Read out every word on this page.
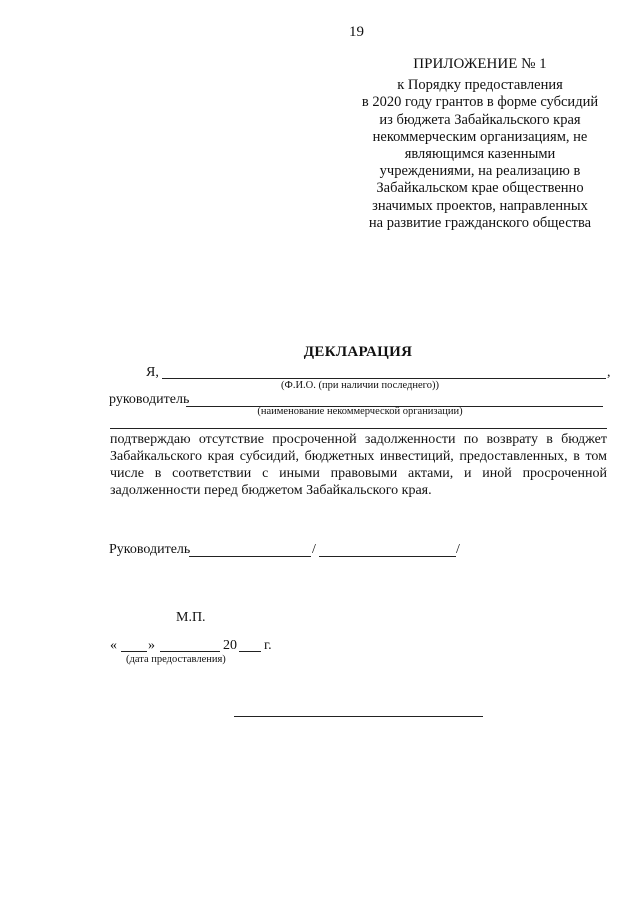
19
ПРИЛОЖЕНИЕ № 1
к Порядку предоставления
в 2020 году грантов в форме субсидий
из бюджета Забайкальского края
некоммерческим организациям, не
являющимся казенными
учреждениями, на реализацию в
Забайкальском крае общественно
значимых проектов, направленных
на развитие гражданского общества
ДЕКЛАРАЦИЯ
Я,	,
(Ф.И.О. (при наличии последнего))
руководитель
(наименование некоммерческой организации)
подтверждаю отсутствие просроченной задолженности по возврату в бюджет Забайкальского края субсидий, бюджетных инвестиций, предоставленных, в том числе в соответствии с иными правовыми актами, и иной просроченной задолженности перед бюджетом Забайкальского края.
Руководитель	/	/
М.П.
« »	20 г.
(дата предоставления)
